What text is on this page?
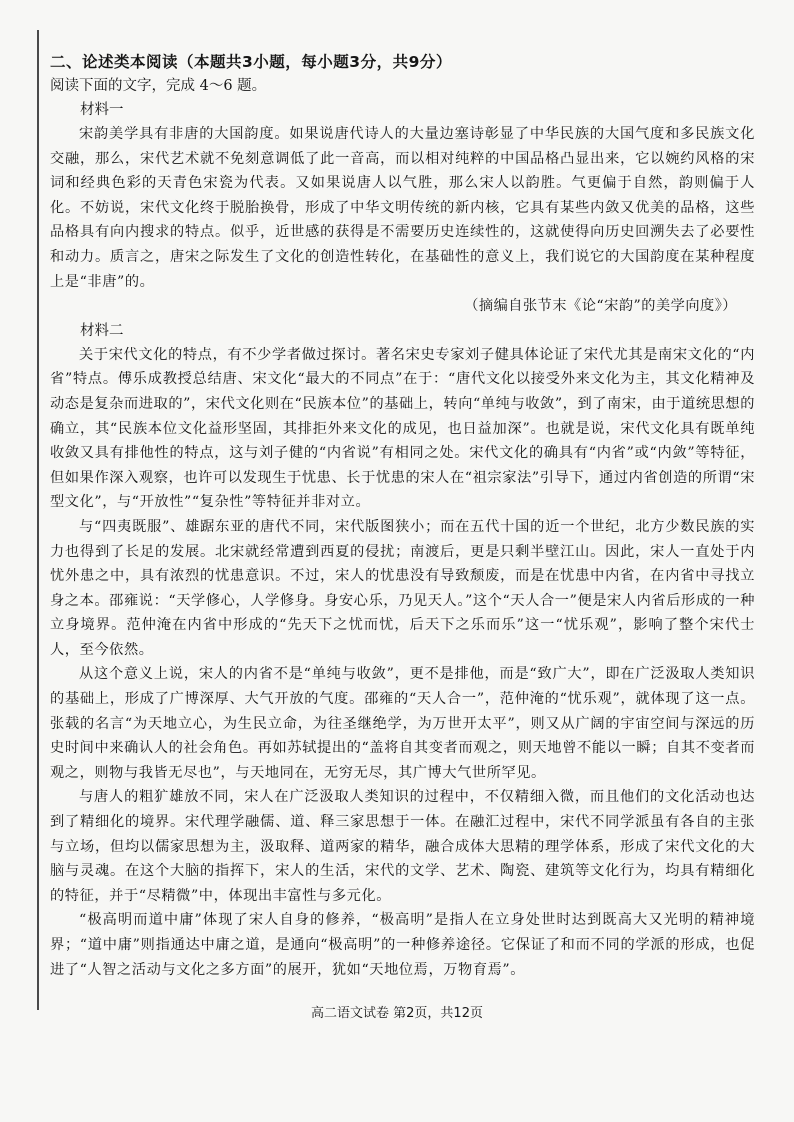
二、论述类本阅读（本题共3小题，每小题3分，共9分）
阅读下面的文字，完成 4～6 题。
材料一

宋韵美学具有非唐的大国韵度。如果说唐代诗人的大量边塞诗彰显了中华民族的大国气度和多民族文化交融，那么，宋代艺术就不免刻意调低了此一音高，而以相对纯粹的中国品格凸显出来，它以婉约风格的宋词和经典色彩的天青色宋瓷为代表。又如果说唐人以气胜，那么宋人以韵胜。气更偏于自然，韵则偏于人化。不妨说，宋代文化终于脱胎换骨，形成了中华文明传统的新内核，它具有某些内敛又优美的品格，这些品格具有向内搜求的特点。似乎，近世感的获得是不需要历史连续性的，这就使得向历史回溯失去了必要性和动力。质言之，唐宋之际发生了文化的创造性转化，在基础性的意义上，我们说它的大国韵度在某种程度上是“非唐”的。

（摘编自张节末《论“宋韵”的美学向度》）
材料二

关于宋代文化的特点，有不少学者做过探讨。著名宋史专家刘子健具体论证了宋代尤其是南宋文化的“内省”特点。傅乐成教授总结唐、宋文化“最大的不同点”在于：“唐代文化以接受外来文化为主，其文化精神及动态是复杂而进取的”，宋代文化则在“民族本位”的基础上，转向“单纯与收敛”，到了南宋，由于道统思想的确立，其“民族本位文化益形坚固，其排拒外来文化的成见，也日益加深”。也就是说，宋代文化具有既单纯收敛又具有排他性的特点，这与刘子健的“内省说”有相同之处。宋代文化的确具有“内省”或“内敛”等特征，但如果作深入观察，也许可以发现生于忧患、长于忧患的宋人在“祖宗家法”引导下，通过内省创造的所谓“宋型文化”，与“开放性”“复杂性”等特征并非对立。

与“四夷既服”、雄踞东亚的唐代不同，宋代版图狭小；而在五代十国的近一个世纪，北方少数民族的实力也得到了长足的发展。北宋就经常遭到西夏的侵扰；南渡后，更是只剩半壁江山。因此，宋人一直处于内忧外患之中，具有浓烈的忧患意识。不过，宋人的忧患没有导致颓废，而是在忧患中内省，在内省中寻找立身之本。邵雍说：“天学修心，人学修身。身安心乐，乃见天人。”这个“天人合一”便是宋人内省后形成的一种立身境界。范仲淹在内省中形成的“先天下之忧而忧，后天下之乐而乐”这一“忧乐观”，影响了整个宋代士人，至今依然。

从这个意义上说，宋人的内省不是“单纯与收敛”，更不是排他，而是“致广大”，即在广泛汲取人类知识的基础上，形成了广博深厚、大气开放的气度。邵雍的“天人合一”，范仲淹的“忧乐观”，就体现了这一点。张载的名言“为天地立心，为生民立命，为往圣继绝学，为万世开太平”，则又从广阔的宇宙空间与深远的历史时间中来确认人的社会角色。再如苏轼提出的“盖将自其变者而观之，则天地曾不能以一瞬；自其不变者而观之，则物与我皆无尽也”，与天地同在，无穷无尽，其广博大气世所罕见。

与唐人的粗犷雄放不同，宋人在广泛汲取人类知识的过程中，不仅精细入微，而且他们的文化活动也达到了精细化的境界。宋代理学融儒、道、释三家思想于一体。在融汇过程中，宋代不同学派虽有各自的主张与立场，但均以儒家思想为主，汲取释、道两家的精华，融合成体大思精的理学体系，形成了宋代文化的大脑与灵魂。在这个大脑的指挥下，宋人的生活，宋代的文学、艺术、陶瓷、建筑等文化行为，均具有精细化的特征，并于“尽精微”中，体现出丰富性与多元化。

“极高明而道中庸”体现了宋人自身的修养，“极高明”是指人在立身处世时达到既高大又光明的精神境界；“道中庸”则指通达中庸之道，是通向“极高明”的一种修养途径。它保证了和而不同的学派的形成，也促进了“人智之活动与文化之多方面”的展开，犹如“天地位焉，万物育焉”。

高二语文试卷 第2页，共12页
